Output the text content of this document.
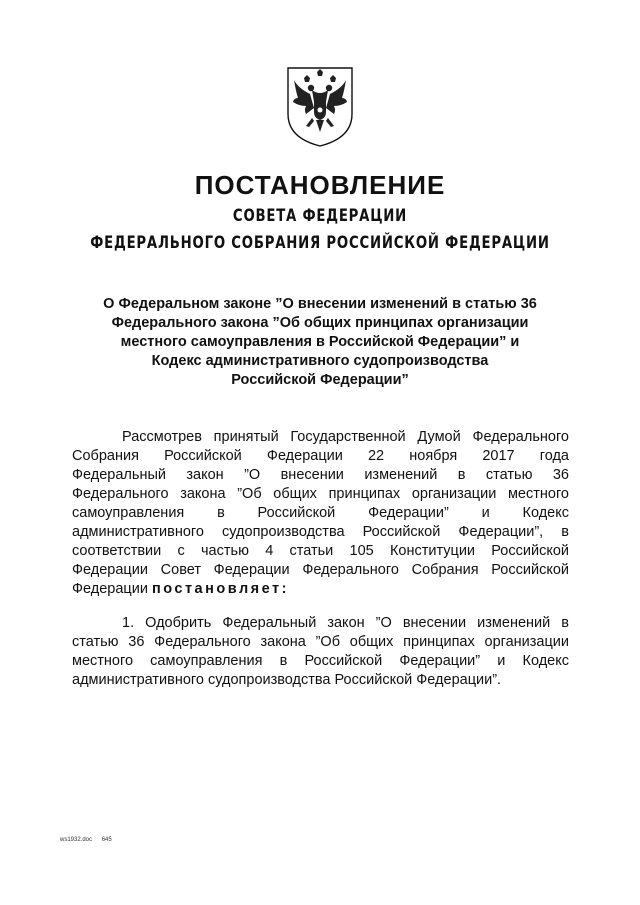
ПОСТАНОВЛЕНИЕ
СОВЕТА ФЕДЕРАЦИИ
ФЕДЕРАЛЬНОГО СОБРАНИЯ РОССИЙСКОЙ ФЕДЕРАЦИИ
О Федеральном законе ”О внесении изменений в статью 36
Федерального закона ”Об общих принципах организации
местного самоуправления в Российской Федерации” и
Кодекс административного судопроизводства
Российской Федерации”
Рассмотрев принятый Государственной Думой Федерального
Собрания Российской Федерации 22 ноября 2017 года
Федеральный закон ”О внесении изменений в статью 36
Федерального закона ”Об общих принципах организации местного
самоуправления в Российской Федерации” и Кодекс
административного судопроизводства Российской Федерации”, в
соответствии с частью 4 статьи 105 Конституции Российской
Федерации Совет Федерации Федерального Собрания Российской
Федерации постановляет:
1. Одобрить Федеральный закон ”О внесении изменений в
статью 36 Федерального закона ”Об общих принципах организации
местного самоуправления в Российской Федерации” и Кодекс
административного судопроизводства Российской Федерации”.
ws1932.doc 645
